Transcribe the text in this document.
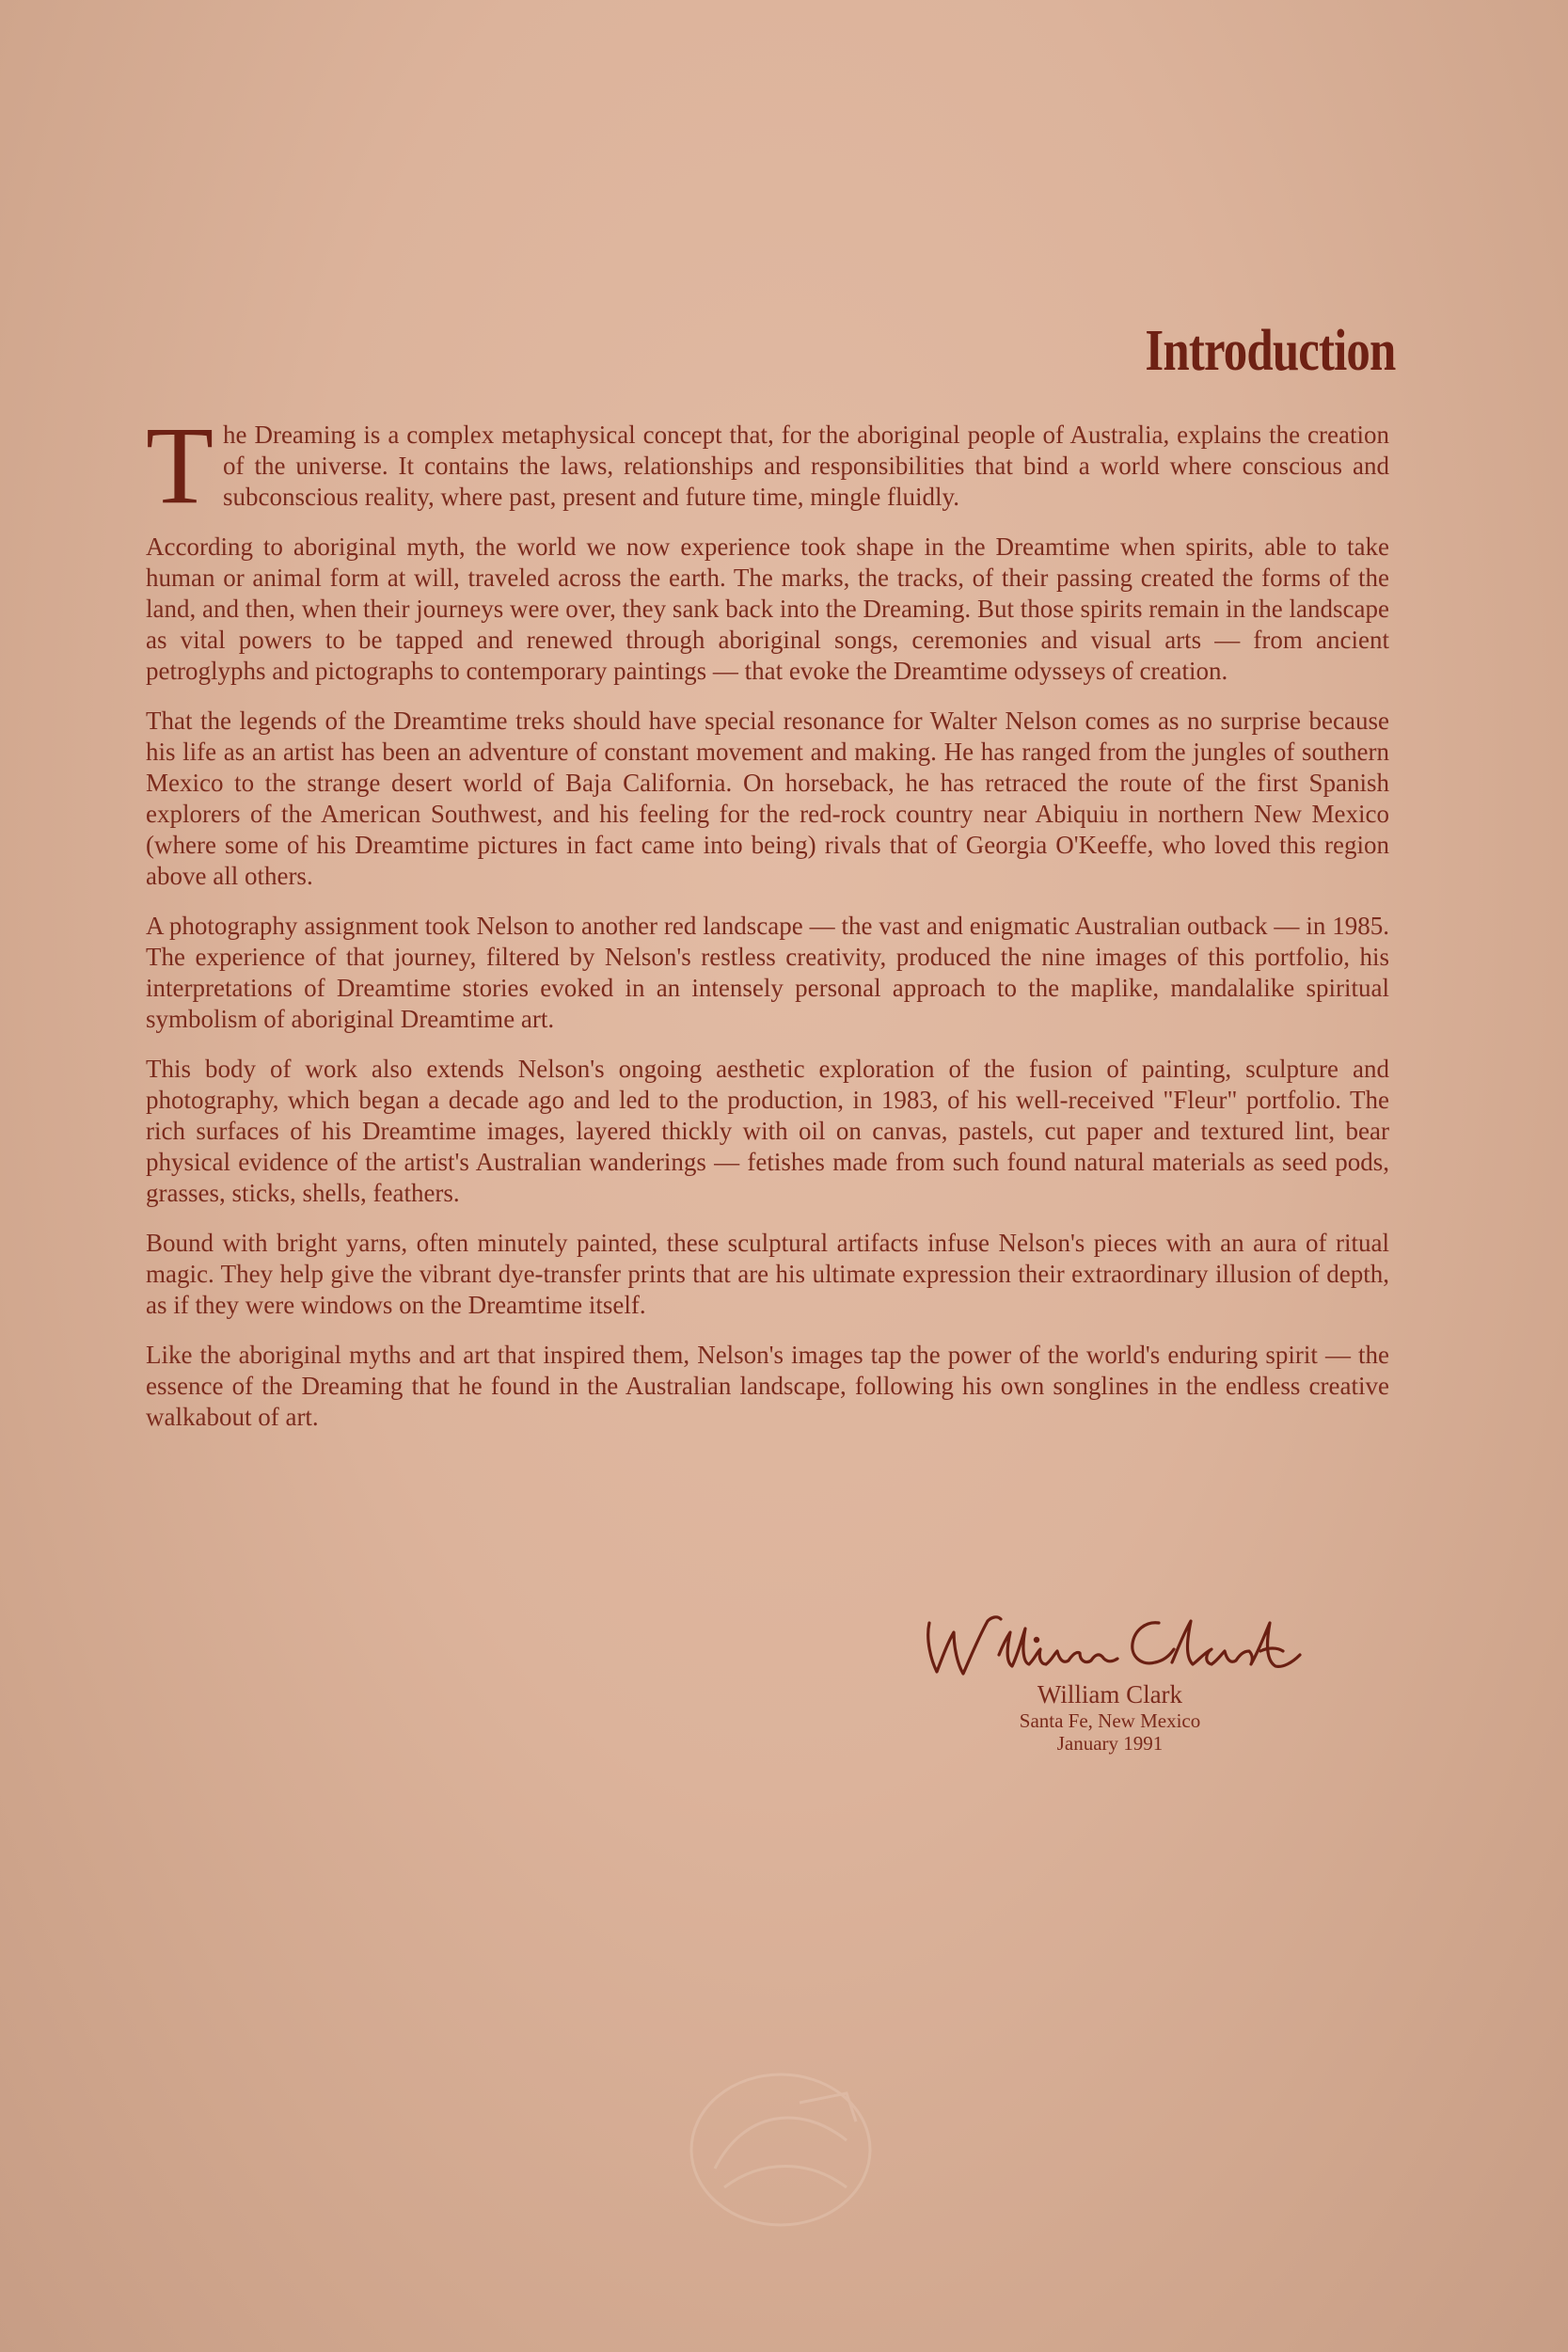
Introduction

T he Dreaming is a complex metaphysical concept that, for the aboriginal people of Australia, explains the creation of the universe. It contains the laws, relationships and responsibilities that bind a world where conscious and subconscious reality, where past, present and future time, mingle fluidly.

According to aboriginal myth, the world we now experience took shape in the Dreamtime when spirits, able to take human or animal form at will, traveled across the earth. The marks, the tracks, of their passing created the forms of the land, and then, when their journeys were over, they sank back into the Dreaming. But those spirits remain in the landscape as vital powers to be tapped and renewed through aboriginal songs, ceremonies and visual arts — from ancient petroglyphs and pictographs to contemporary paintings — that evoke the Dreamtime odysseys of creation.

That the legends of the Dreamtime treks should have special resonance for Walter Nelson comes as no surprise because his life as an artist has been an adventure of constant movement and making. He has ranged from the jungles of southern Mexico to the strange desert world of Baja California. On horseback, he has retraced the route of the first Spanish explorers of the American Southwest, and his feeling for the red-rock country near Abiquiu in northern New Mexico (where some of his Dreamtime pictures in fact came into being) rivals that of Georgia O'Keeffe, who loved this region above all others.

A photography assignment took Nelson to another red landscape — the vast and enigmatic Australian outback — in 1985. The experience of that journey, filtered by Nelson's restless creativity, produced the nine images of this portfolio, his interpretations of Dreamtime stories evoked in an intensely personal approach to the maplike, mandalalike spiritual symbolism of aboriginal Dreamtime art.

This body of work also extends Nelson's ongoing aesthetic exploration of the fusion of painting, sculpture and photography, which began a decade ago and led to the production, in 1983, of his well-received "Fleur" portfolio. The rich surfaces of his Dreamtime images, layered thickly with oil on canvas, pastels, cut paper and textured lint, bear physical evidence of the artist's Australian wanderings — fetishes made from such found natural materials as seed pods, grasses, sticks, shells, feathers.

Bound with bright yarns, often minutely painted, these sculptural artifacts infuse Nelson's pieces with an aura of ritual magic. They help give the vibrant dye-transfer prints that are his ultimate expression their extraordinary illusion of depth, as if they were windows on the Dreamtime itself.

Like the aboriginal myths and art that inspired them, Nelson's images tap the power of the world's enduring spirit — the essence of the Dreaming that he found in the Australian landscape, following his own songlines in the endless creative walkabout of art.

William Clark
Santa Fe, New Mexico
January 1991
